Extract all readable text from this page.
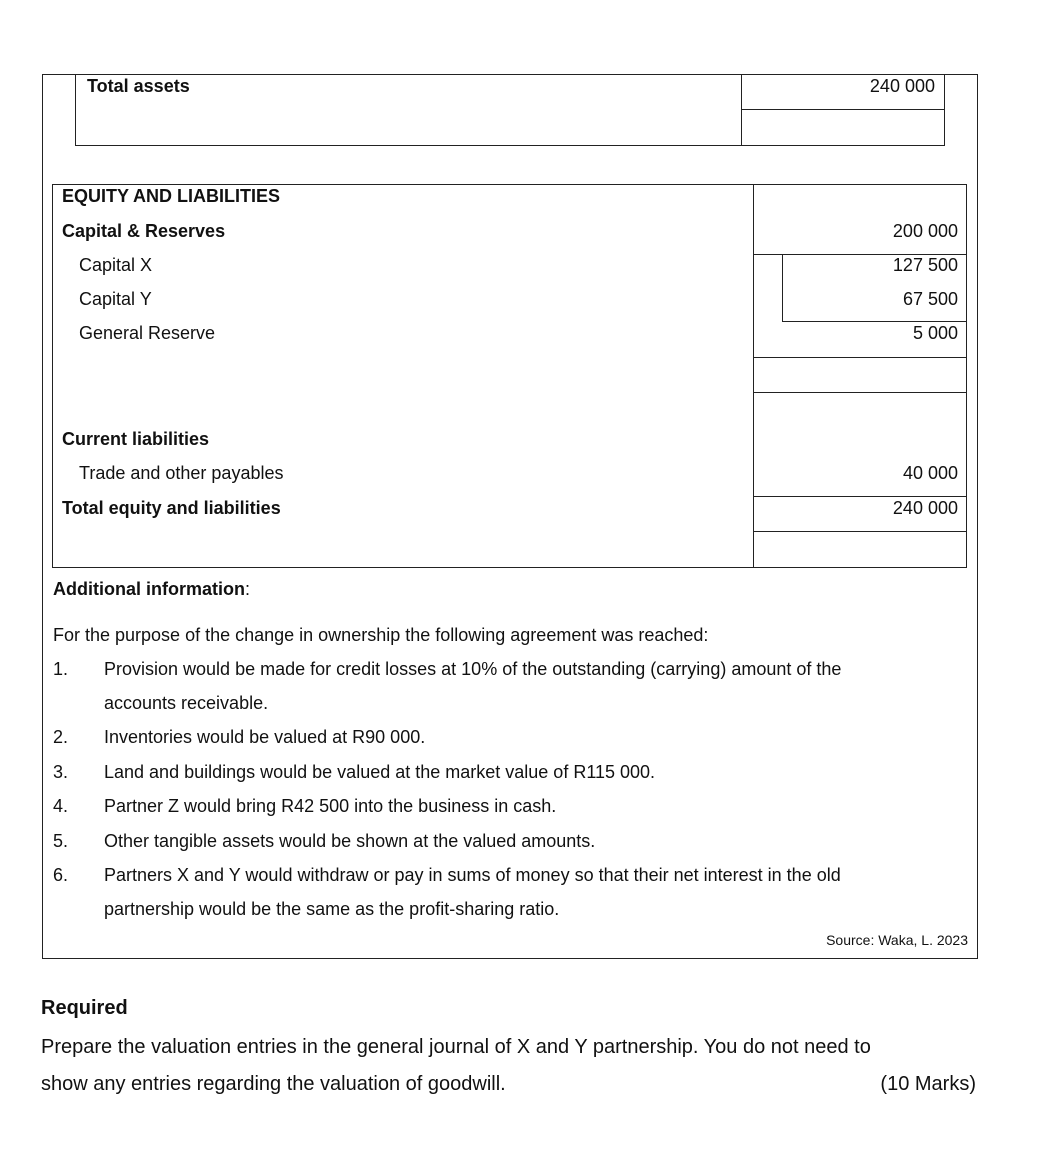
Total assets	240 000
EQUITY AND LIABILITIES
Capital & Reserves
Capital X
Capital Y
General Reserve
Current liabilities
Trade and other payables
Total equity and liabilities
200 000
127 500
67 500
5 000
40 000
240 000
Additional information:
For the purpose of the change in ownership the following agreement was reached:
1. Provision would be made for credit losses at 10% of the outstanding (carrying) amount of the
accounts receivable.
2. Inventories would be valued at R90 000.
3. Land and buildings would be valued at the market value of R115 000.
4. Partner Z would bring R42 500 into the business in cash.
5. Other tangible assets would be shown at the valued amounts.
6. Partners X and Y would withdraw or pay in sums of money so that their net interest in the old
partnership would be the same as the profit-sharing ratio.
Source: Waka, L. 2023
Required
Prepare the valuation entries in the general journal of X and Y partnership. You do not need to
show any entries regarding the valuation of goodwill.	(10 Marks)
